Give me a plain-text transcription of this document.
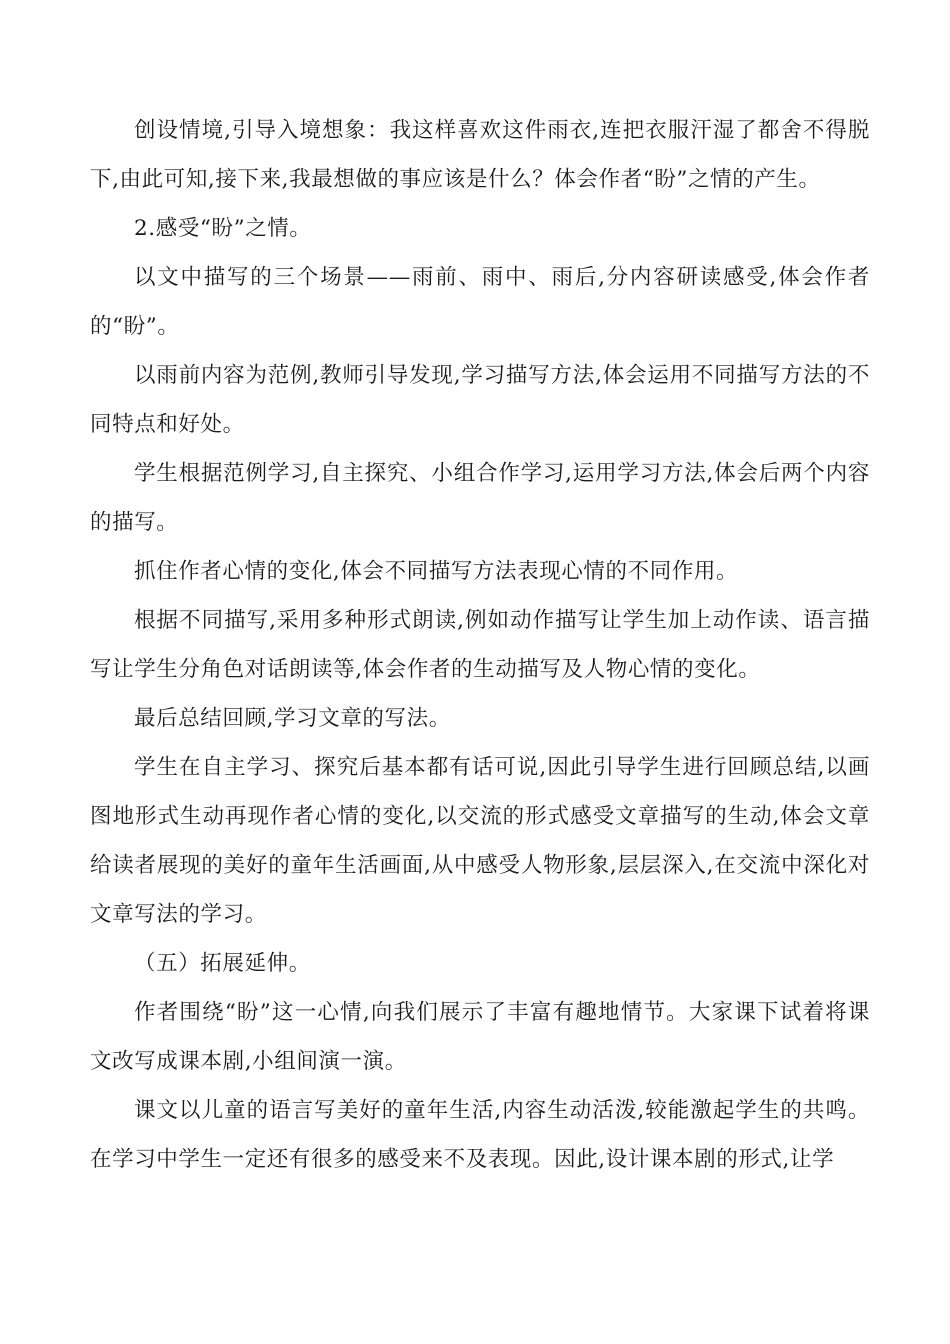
创设情境,引导入境想象：我这样喜欢这件雨衣,连把衣服汗湿了都舍不得脱下,由此可知,接下来,我最想做的事应该是什么？体会作者“盼”之情的产生。

2.感受“盼”之情。

以文中描写的三个场景——雨前、雨中、雨后,分内容研读感受,体会作者的“盼”。

以雨前内容为范例,教师引导发现,学习描写方法,体会运用不同描写方法的不同特点和好处。

学生根据范例学习,自主探究、小组合作学习,运用学习方法,体会后两个内容的描写。

抓住作者心情的变化,体会不同描写方法表现心情的不同作用。

根据不同描写,采用多种形式朗读,例如动作描写让学生加上动作读、语言描写让学生分角色对话朗读等,体会作者的生动描写及人物心情的变化。

最后总结回顾,学习文章的写法。

学生在自主学习、探究后基本都有话可说,因此引导学生进行回顾总结,以画图地形式生动再现作者心情的变化,以交流的形式感受文章描写的生动,体会文章给读者展现的美好的童年生活画面,从中感受人物形象,层层深入,在交流中深化对文章写法的学习。

（五）拓展延伸。

作者围绕“盼”这一心情,向我们展示了丰富有趣地情节。大家课下试着将课文改写成课本剧,小组间演一演。

课文以儿童的语言写美好的童年生活,内容生动活泼,较能激起学生的共鸣。在学习中学生一定还有很多的感受来不及表现。因此,设计课本剧的形式,让学
